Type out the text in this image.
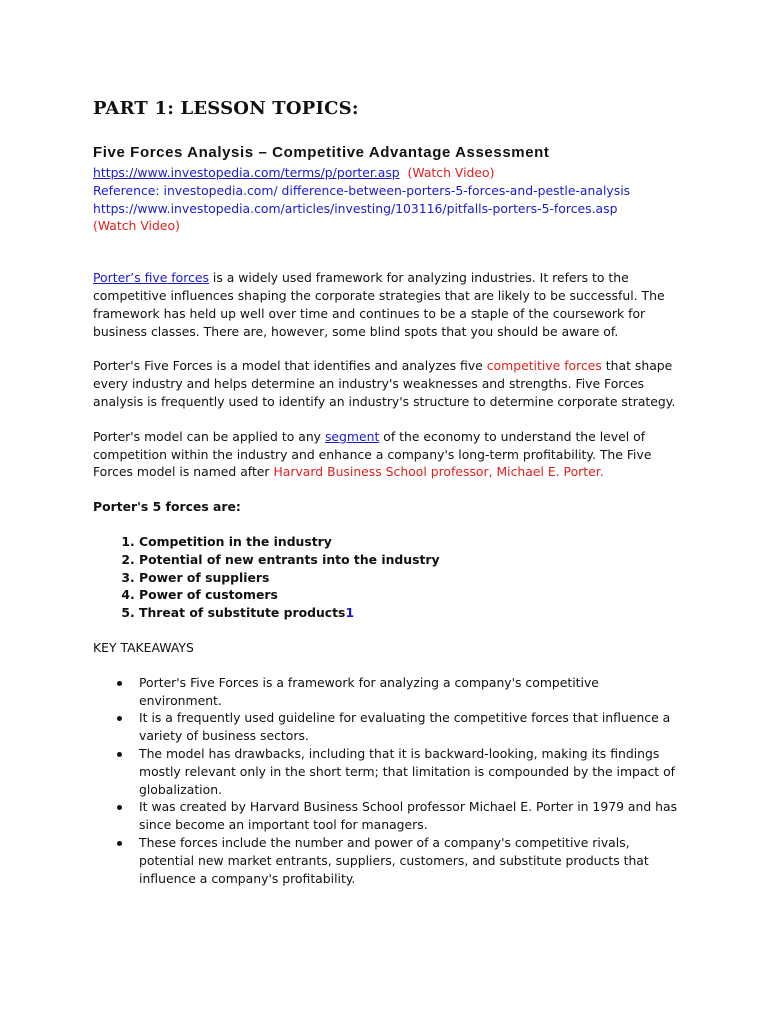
PART 1: LESSON TOPICS:
Five Forces Analysis – Competitive Advantage Assessment
https://www.investopedia.com/terms/p/porter.asp (Watch Video)
Reference: investopedia.com/ difference-between-porters-5-forces-and-pestle-analysis
https://www.investopedia.com/articles/investing/103116/pitfalls-porters-5-forces.asp
(Watch Video)

Porter’s five forces is a widely used framework for analyzing industries. It refers to the competitive influences shaping the corporate strategies that are likely to be successful. The framework has held up well over time and continues to be a staple of the coursework for business classes. There are, however, some blind spots that you should be aware of.

Porter's Five Forces is a model that identifies and analyzes five competitive forces that shape every industry and helps determine an industry's weaknesses and strengths. Five Forces analysis is frequently used to identify an industry's structure to determine corporate strategy.

Porter's model can be applied to any segment of the economy to understand the level of competition within the industry and enhance a company's long-term profitability. The Five Forces model is named after Harvard Business School professor, Michael E. Porter.

Porter's 5 forces are:

1. Competition in the industry
2. Potential of new entrants into the industry
3. Power of suppliers
4. Power of customers
5. Threat of substitute products1

KEY TAKEAWAYS

Porter's Five Forces is a framework for analyzing a company's competitive environment.
It is a frequently used guideline for evaluating the competitive forces that influence a variety of business sectors.
The model has drawbacks, including that it is backward-looking, making its findings mostly relevant only in the short term; that limitation is compounded by the impact of globalization.
It was created by Harvard Business School professor Michael E. Porter in 1979 and has since become an important tool for managers.
These forces include the number and power of a company's competitive rivals, potential new market entrants, suppliers, customers, and substitute products that influence a company's profitability.
